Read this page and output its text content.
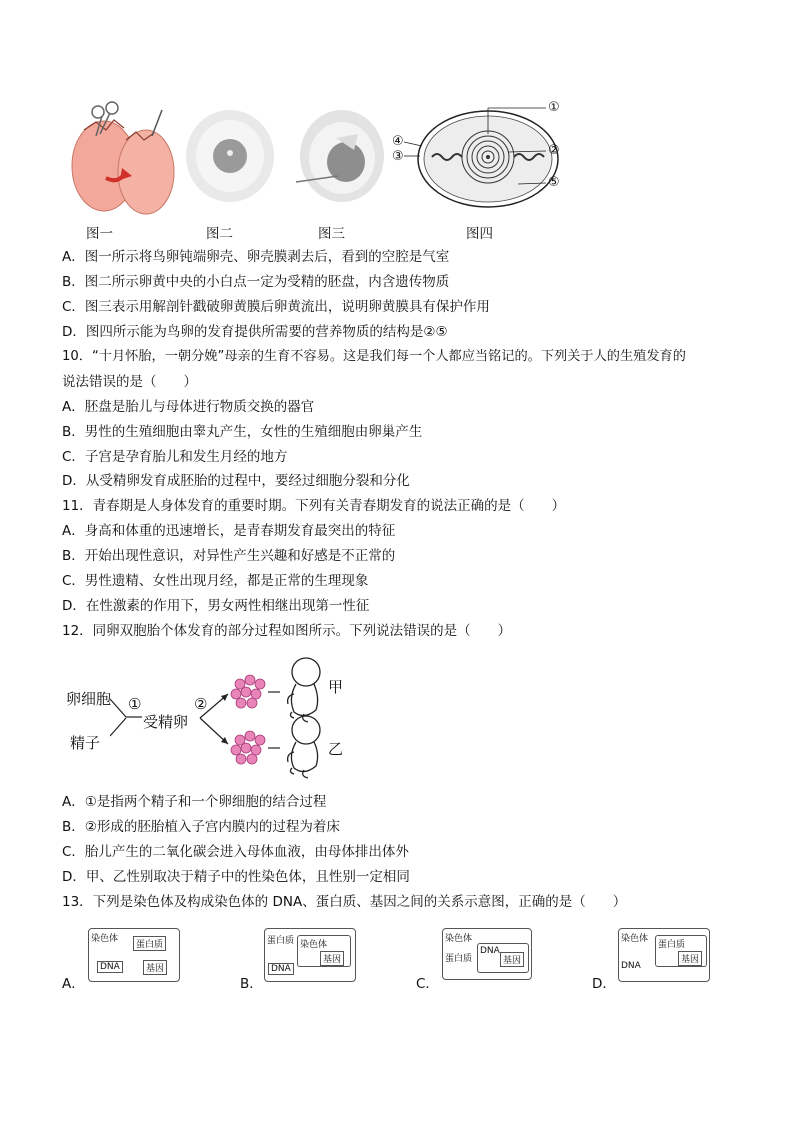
①
②
③
④
⑤
图一	图二	图三	图四
A．图一所示将鸟卵钝端卵壳、卵壳膜剥去后，看到的空腔是气室
B．图二所示卵黄中央的小白点一定为受精的胚盘，内含遗传物质
C．图三表示用解剖针戳破卵黄膜后卵黄流出，说明卵黄膜具有保护作用
D．图四所示能为鸟卵的发育提供所需要的营养物质的结构是②⑤
10．“十月怀胎，一朝分娩”母亲的生育不容易。这是我们每一个人都应当铭记的。下列关于人的生殖发育的
说法错误的是（　　）
A．胚盘是胎儿与母体进行物质交换的器官
B．男性的生殖细胞由睾丸产生，女性的生殖细胞由卵巢产生
C．子宫是孕育胎儿和发生月经的地方
D．从受精卵发育成胚胎的过程中，要经过细胞分裂和分化
11．青春期是人身体发育的重要时期。下列有关青春期发育的说法正确的是（　　）
A．身高和体重的迅速增长，是青春期发育最突出的特征
B．开始出现性意识，对异性产生兴趣和好感是不正常的
C．男性遗精、女性出现月经，都是正常的生理现象
D．在性激素的作用下，男女两性相继出现第一性征
12．同卵双胞胎个体发育的部分过程如图所示。下列说法错误的是（　　）
卵细胞
精子
①
受精卵
②
甲
乙
A．①是指两个精子和一个卵细胞的结合过程
B．②形成的胚胎植入子宫内膜内的过程为着床
C．胎儿产生的二氧化碳会进入母体血液，由母体排出体外
D．甲、乙性别取决于精子中的性染色体，且性别一定相同
13．下列是染色体及构成染色体的 DNA、蛋白质、基因之间的关系示意图，正确的是（　　）
A．
染色体
蛋白质
DNA	基因
B．
蛋白质 染色体
基因
DNA
C．
染色体
蛋白质
DNA
基因
D．
染色体
蛋白质
基因
DNA
